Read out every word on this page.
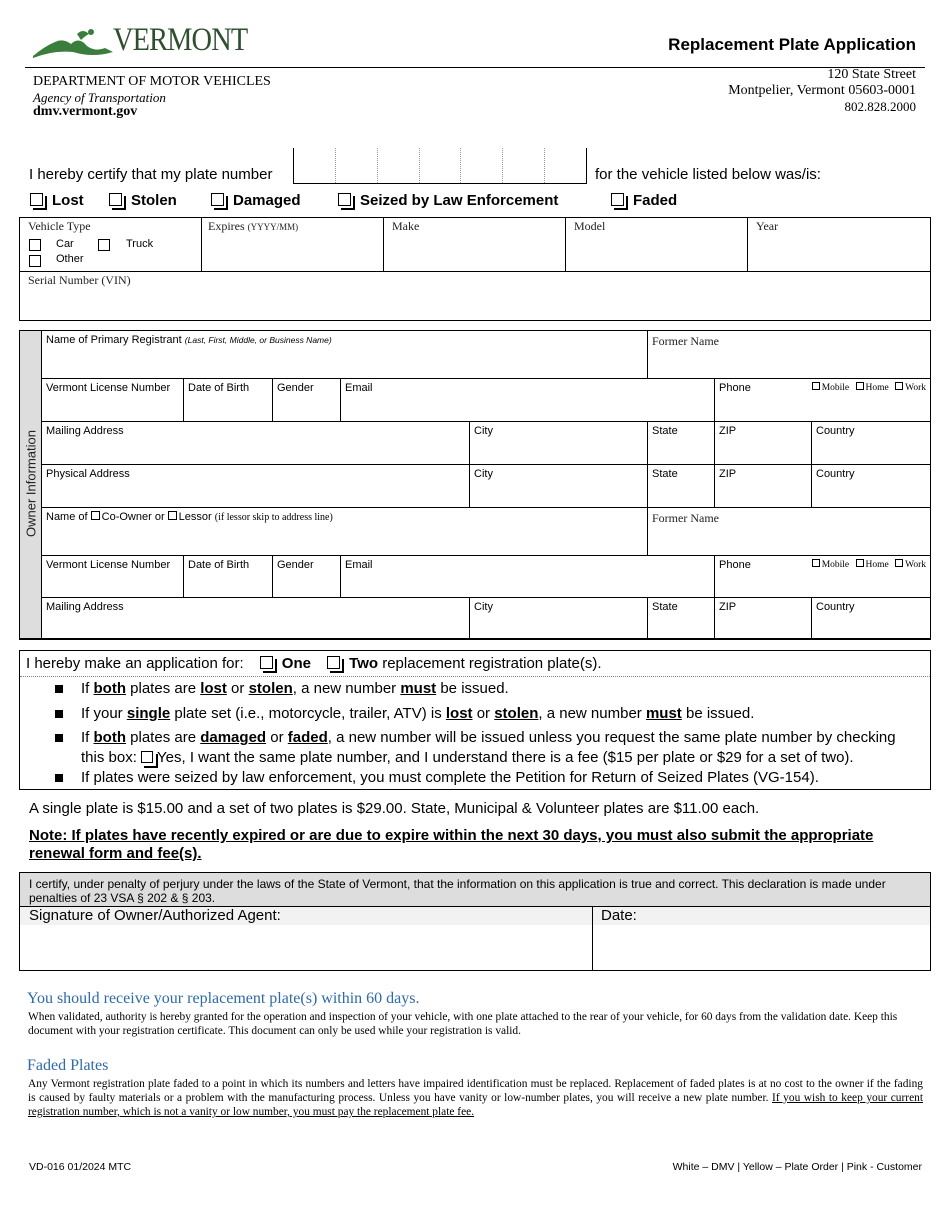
VERMONT	Replacement Plate Application
DEPARTMENT OF MOTOR VEHICLES
Agency of Transportation
dmv.vermont.gov
120 State Street
Montpelier, Vermont 05603-0001
802.828.2000
I hereby certify that my plate number	for the vehicle listed below was/is:
Lost	Stolen	Damaged	Seized by Law Enforcement	Faded
Vehicle Type
Car	Truck
Other
Expires (YYYY/MM)	Make	Model	Year
Serial Number (VIN)
Owner Information
Name of Primary Registrant (Last, First, Middle, or Business Name)	Former Name
Vermont License Number	Date of Birth	Gender	Email	Phone	Mobile Home Work
Mailing Address	City	State	ZIP	Country
Physical Address	City	State	ZIP	Country
Name of Co-Owner or Lessor (if lessor skip to address line)	Former Name
Vermont License Number	Date of Birth	Gender	Email	Phone	Mobile Home Work
Mailing Address	City	State	ZIP	Country
I hereby make an application for:	One	Two replacement registration plate(s).
If both plates are lost or stolen, a new number must be issued.
If your single plate set (i.e., motorcycle, trailer, ATV) is lost or stolen, a new number must be issued.
If both plates are damaged or faded, a new number will be issued unless you request the same plate number by checking
this box: Yes, I want the same plate number, and I understand there is a fee ($15 per plate or $29 for a set of two).
If plates were seized by law enforcement, you must complete the Petition for Return of Seized Plates (VG-154).
A single plate is $15.00 and a set of two plates is $29.00. State, Municipal & Volunteer plates are $11.00 each.
Note: If plates have recently expired or are due to expire within the next 30 days, you must also submit the appropriate
renewal form and fee(s).
I certify, under penalty of perjury under the laws of the State of Vermont, that the information on this application is true and correct. This declaration is made under penalties of 23 VSA § 202 & § 203.
Signature of Owner/Authorized Agent:	Date:
You should receive your replacement plate(s) within 60 days.
When validated, authority is hereby granted for the operation and inspection of your vehicle, with one plate attached to the rear of your vehicle, for 60 days from the validation date. Keep this document with your registration certificate. This document can only be used while your registration is valid.
Faded Plates
Any Vermont registration plate faded to a point in which its numbers and letters have impaired identification must be replaced. Replacement of faded plates is at no cost to the owner if the fading is caused by faulty materials or a problem with the manufacturing process. Unless you have vanity or low-number plates, you will receive a new plate number. If you wish to keep your current registration number, which is not a vanity or low number, you must pay the replacement plate fee.
VD-016 01/2024 MTC	White – DMV | Yellow – Plate Order | Pink - Customer
